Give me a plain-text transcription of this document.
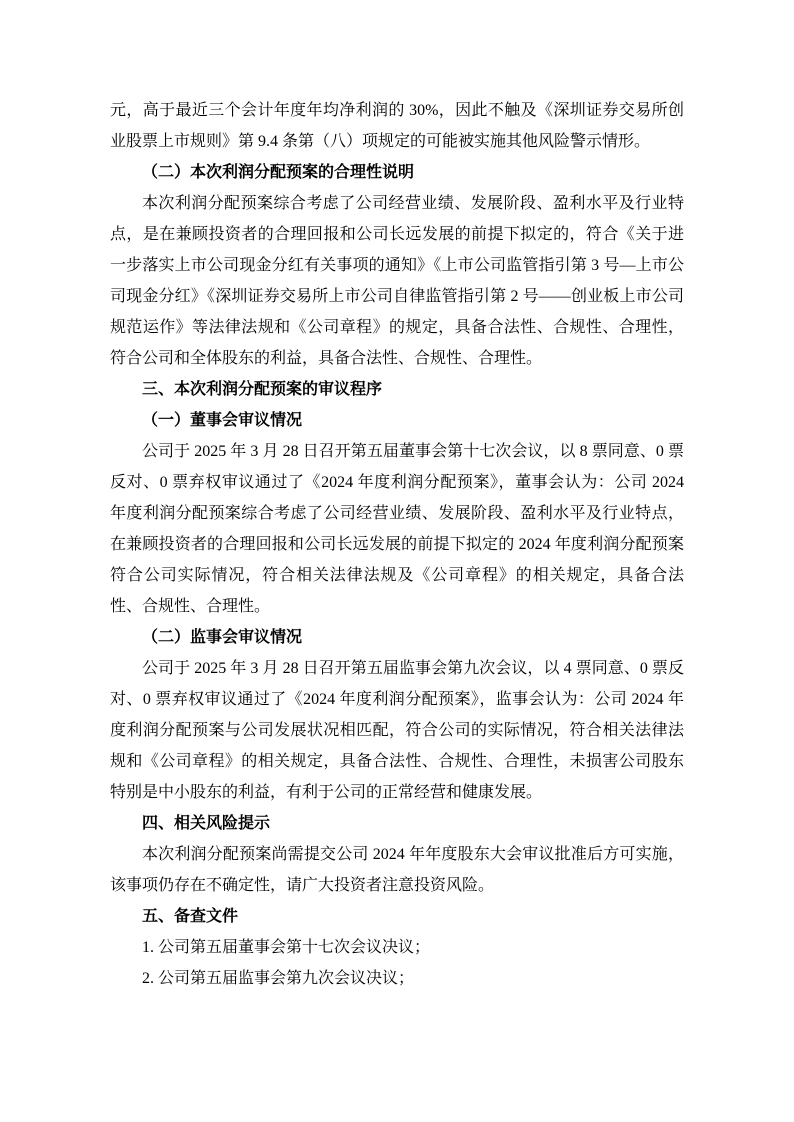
元，高于最近三个会计年度年均净利润的 30%，因此不触及《深圳证券交易所创业股票上市规则》第 9.4 条第（八）项规定的可能被实施其他风险警示情形。

（二）本次利润分配预案的合理性说明

本次利润分配预案综合考虑了公司经营业绩、发展阶段、盈利水平及行业特点，是在兼顾投资者的合理回报和公司长远发展的前提下拟定的，符合《关于进一步落实上市公司现金分红有关事项的通知》《上市公司监管指引第 3 号—上市公司现金分红》《深圳证券交易所上市公司自律监管指引第 2 号——创业板上市公司规范运作》等法律法规和《公司章程》的规定，具备合法性、合规性、合理性，符合公司和全体股东的利益，具备合法性、合规性、合理性。

三、本次利润分配预案的审议程序

（一）董事会审议情况

公司于 2025 年 3 月 28 日召开第五届董事会第十七次会议，以 8 票同意、0 票反对、0 票弃权审议通过了《2024 年度利润分配预案》，董事会认为：公司 2024 年度利润分配预案综合考虑了公司经营业绩、发展阶段、盈利水平及行业特点，在兼顾投资者的合理回报和公司长远发展的前提下拟定的 2024 年度利润分配预案符合公司实际情况，符合相关法律法规及《公司章程》的相关规定，具备合法性、合规性、合理性。

（二）监事会审议情况

公司于 2025 年 3 月 28 日召开第五届监事会第九次会议，以 4 票同意、0 票反对、0 票弃权审议通过了《2024 年度利润分配预案》，监事会认为：公司 2024 年度利润分配预案与公司发展状况相匹配，符合公司的实际情况，符合相关法律法规和《公司章程》的相关规定，具备合法性、合规性、合理性，未损害公司股东特别是中小股东的利益，有利于公司的正常经营和健康发展。

四、相关风险提示

本次利润分配预案尚需提交公司 2024 年年度股东大会审议批准后方可实施，该事项仍存在不确定性，请广大投资者注意投资风险。

五、备查文件

1. 公司第五届董事会第十七次会议决议；

2. 公司第五届监事会第九次会议决议；
